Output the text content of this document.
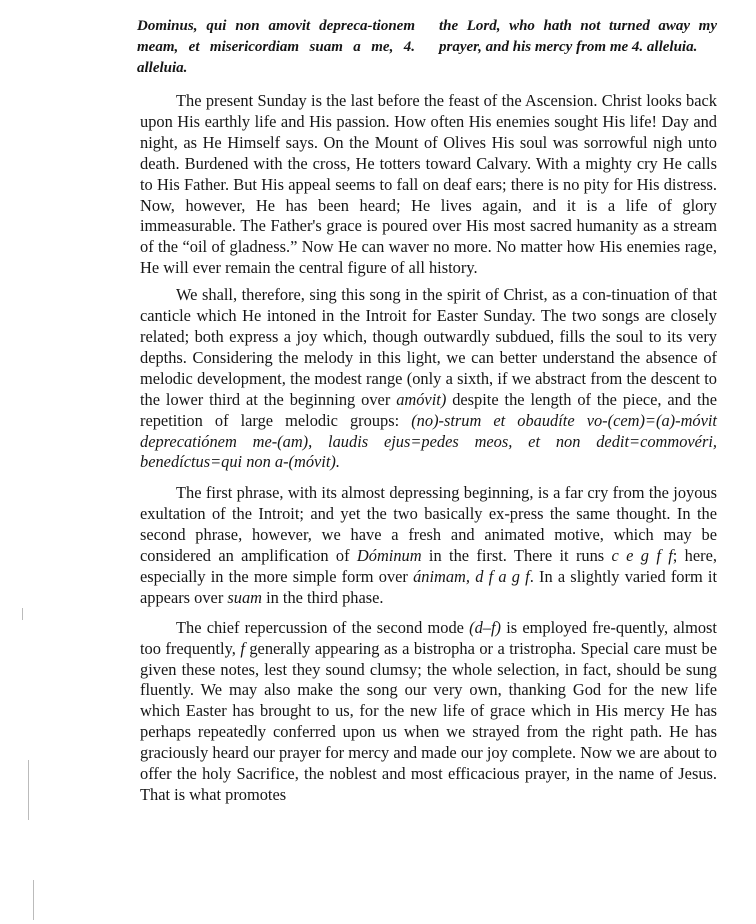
Dominus, qui non amovit depreca-tionem meam, et misericordiam suam a me, 4. alleluia.
the Lord, who hath not turned away my prayer, and his mercy from me 4. alleluia.

The present Sunday is the last before the feast of the Ascension. Christ looks back upon His earthly life and His passion. How often His enemies sought His life! Day and night, as He Himself says. On the Mount of Olives His soul was sorrowful nigh unto death. Burdened with the cross, He totters toward Calvary. With a mighty cry He calls to His Father. But His appeal seems to fall on deaf ears; there is no pity for His distress. Now, however, He has been heard; He lives again, and it is a life of glory immeasurable. The Father's grace is poured over His most sacred humanity as a stream of the “oil of gladness.” Now He can waver no more. No matter how His enemies rage, He will ever remain the central figure of all history.

We shall, therefore, sing this song in the spirit of Christ, as a con-tinuation of that canticle which He intoned in the Introit for Easter Sunday. The two songs are closely related; both express a joy which, though outwardly subdued, fills the soul to its very depths. Considering the melody in this light, we can better understand the absence of melodic development, the modest range (only a sixth, if we abstract from the descent to the lower third at the beginning over amóvit) despite the length of the piece, and the repetition of large melodic groups: (no)-strum et obaudíte vo-(cem)=(a)-móvit deprecatiónem me-(am), laudis ejus=pedes meos, et non dedit=commovéri, benedíctus=qui non a-(móvit).

The first phrase, with its almost depressing beginning, is a far cry from the joyous exultation of the Introit; and yet the two basically ex-press the same thought. In the second phrase, however, we have a fresh and animated motive, which may be considered an amplification of Dóminum in the first. There it runs c e g f f; here, especially in the more simple form over ánimam, d f a g f. In a slightly varied form it appears over suam in the third phase.

The chief repercussion of the second mode (d–f) is employed fre-quently, almost too frequently, f generally appearing as a bistropha or a tristropha. Special care must be given these notes, lest they sound clumsy; the whole selection, in fact, should be sung fluently. We may also make the song our very own, thanking God for the new life which Easter has brought to us, for the new life of grace which in His mercy He has perhaps repeatedly conferred upon us when we strayed from the right path. He has graciously heard our prayer for mercy and made our joy complete. Now we are about to offer the holy Sacrifice, the noblest and most efficacious prayer, in the name of Jesus. That is what promotes
